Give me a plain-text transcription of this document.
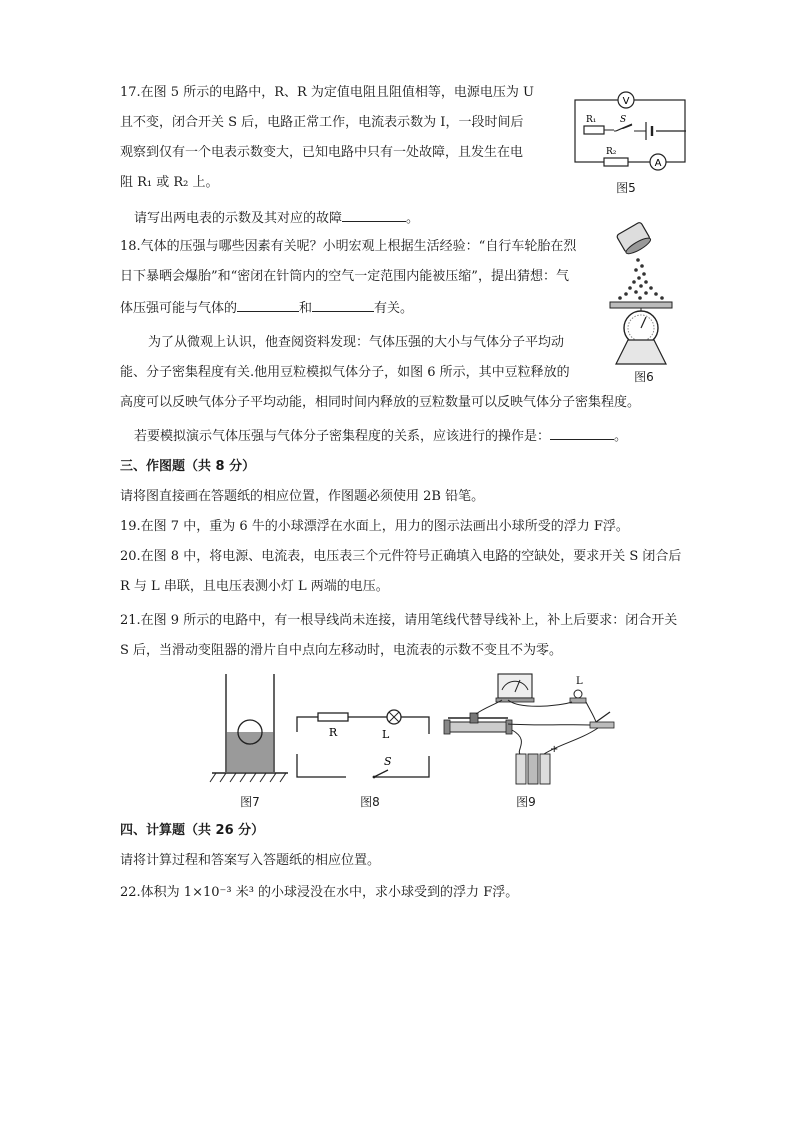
17.在图 5 所示的电路中，R、R 为定值电阻且阻值相等，电源电压为 U
且不变，闭合开关 S 后，电路正常工作，电流表示数为 I，一段时间后
观察到仅有一个电表示数变大，已知电路中只有一处故障，且发生在电
阻 R₁ 或 R₂ 上。
请写出两电表的示数及其对应的故障	。
V
R₁	S
R₂
A
图5
18.气体的压强与哪些因素有关呢？小明宏观上根据生活经验：“自行车轮胎在烈
日下暴晒会爆胎”和“密闭在针筒内的空气一定范围内能被压缩”，提出猜想：气
体压强可能与气体的	和	有关。
为了从微观上认识，他查阅资料发现：气体压强的大小与气体分子平均动
能、分子密集程度有关.他用豆粒模拟气体分子，如图 6 所示，其中豆粒释放的
高度可以反映气体分子平均动能，相同时间内释放的豆粒数量可以反映气体分子密集程度。
若要模拟演示气体压强与气体分子密集程度的关系，应该进行的操作是：	。
图6
三、作图题（共 8 分）
请将图直接画在答题纸的相应位置，作图题必须使用 2B 铅笔。
19.在图 7 中，重为 6 牛的小球漂浮在水面上，用力的图示法画出小球所受的浮力 F浮。
20.在图 8 中，将电源、电流表，电压表三个元件符号正确填入电路的空缺处，要求开关 S 闭合后
R 与 L 串联，且电压表测小灯 L 两端的电压。
21.在图 9 所示的电路中，有一根导线尚未连接，请用笔线代替导线补上，补上后要求：闭合开关
S 后，当滑动变阻器的滑片自中点向左移动时，电流表的示数不变且不为零。
图7
R	L
S
图8
L
+
图9
四、计算题（共 26 分）
请将计算过程和答案写入答题纸的相应位置。
22.体积为 1×10⁻³ 米³ 的小球浸没在水中，求小球受到的浮力 F浮。
